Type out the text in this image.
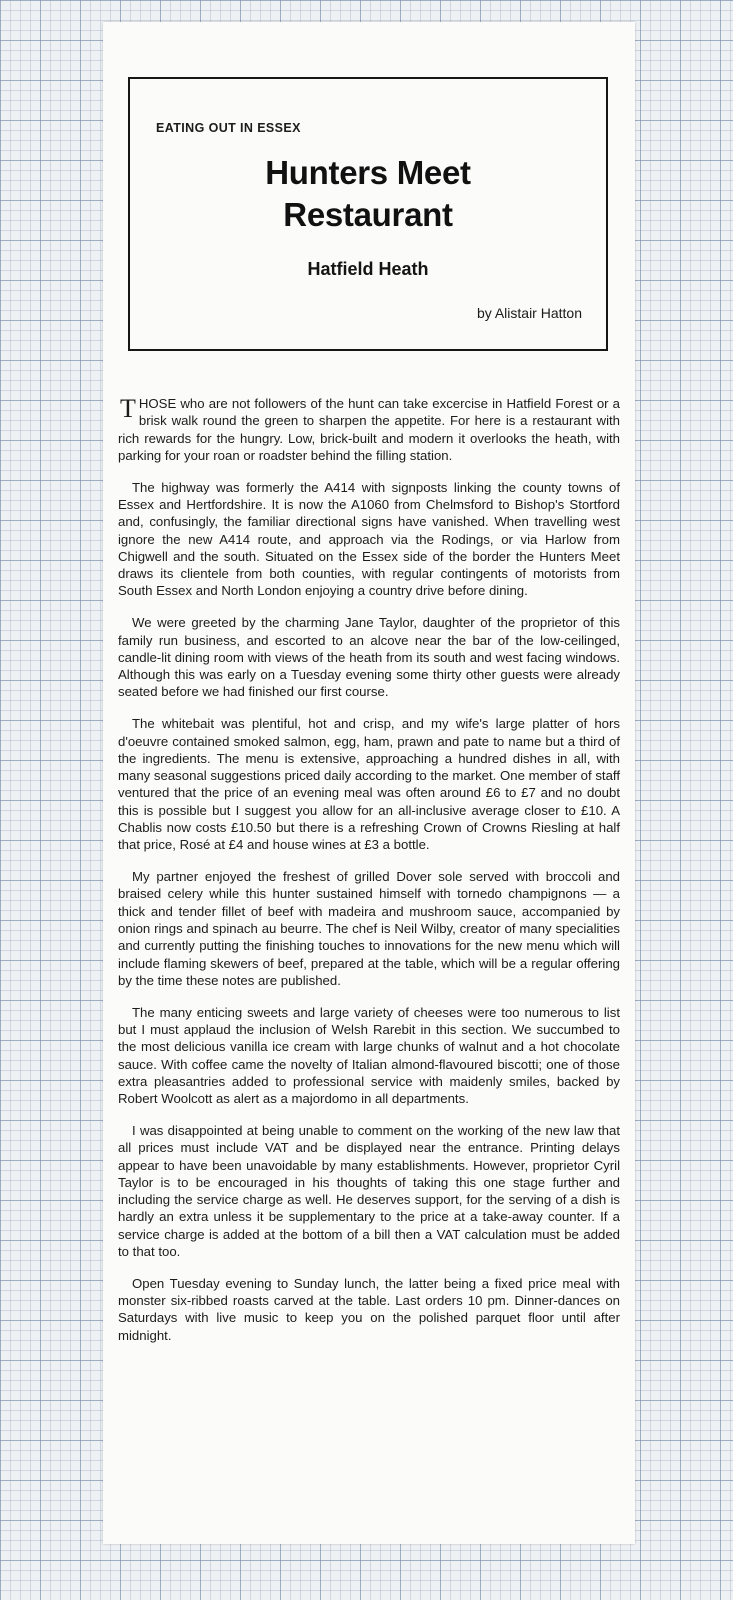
EATING OUT IN ESSEX
Hunters Meet
Restaurant
Hatfield Heath
by Alistair Hatton

THOSE who are not followers of the hunt can take excercise in Hatfield Forest or a brisk walk round the green to sharpen the appetite. For here is a restaurant with rich rewards for the hungry. Low, brick-built and modern it overlooks the heath, with parking for your roan or roadster behind the filling station.

The highway was formerly the A414 with signposts linking the county towns of Essex and Hertfordshire. It is now the A1060 from Chelmsford to Bishop's Stortford and, confusingly, the familiar directional signs have vanished. When travelling west ignore the new A414 route, and approach via the Rodings, or via Harlow from Chigwell and the south. Situated on the Essex side of the border the Hunters Meet draws its clientele from both counties, with regular contingents of motorists from South Essex and North London enjoying a country drive before dining.

We were greeted by the charming Jane Taylor, daughter of the proprietor of this family run business, and escorted to an alcove near the bar of the low-ceilinged, candle-lit dining room with views of the heath from its south and west facing windows. Although this was early on a Tuesday evening some thirty other guests were already seated before we had finished our first course.

The whitebait was plentiful, hot and crisp, and my wife's large platter of hors d'oeuvre contained smoked salmon, egg, ham, prawn and pate to name but a third of the ingredients. The menu is extensive, approaching a hundred dishes in all, with many seasonal suggestions priced daily according to the market. One member of staff ventured that the price of an evening meal was often around £6 to £7 and no doubt this is possible but I suggest you allow for an all-inclusive average closer to £10. A Chablis now costs £10.50 but there is a refreshing Crown of Crowns Riesling at half that price, Rosé at £4 and house wines at £3 a bottle.

My partner enjoyed the freshest of grilled Dover sole served with broccoli and braised celery while this hunter sustained himself with tornedo champignons — a thick and tender fillet of beef with madeira and mushroom sauce, accompanied by onion rings and spinach au beurre. The chef is Neil Wilby, creator of many specialities and currently putting the finishing touches to innovations for the new menu which will include flaming skewers of beef, prepared at the table, which will be a regular offering by the time these notes are published.

The many enticing sweets and large variety of cheeses were too numerous to list but I must applaud the inclusion of Welsh Rarebit in this section. We succumbed to the most delicious vanilla ice cream with large chunks of walnut and a hot chocolate sauce. With coffee came the novelty of Italian almond-flavoured biscotti; one of those extra pleasantries added to professional service with maidenly smiles, backed by Robert Woolcott as alert as a majordomo in all departments.

I was disappointed at being unable to comment on the working of the new law that all prices must include VAT and be displayed near the entrance. Printing delays appear to have been unavoidable by many establishments. However, proprietor Cyril Taylor is to be encouraged in his thoughts of taking this one stage further and including the service charge as well. He deserves support, for the serving of a dish is hardly an extra unless it be supplementary to the price at a take-away counter. If a service charge is added at the bottom of a bill then a VAT calculation must be added to that too.

Open Tuesday evening to Sunday lunch, the latter being a fixed price meal with monster six-ribbed roasts carved at the table. Last orders 10 pm. Dinner-dances on Saturdays with live music to keep you on the polished parquet floor until after midnight.
